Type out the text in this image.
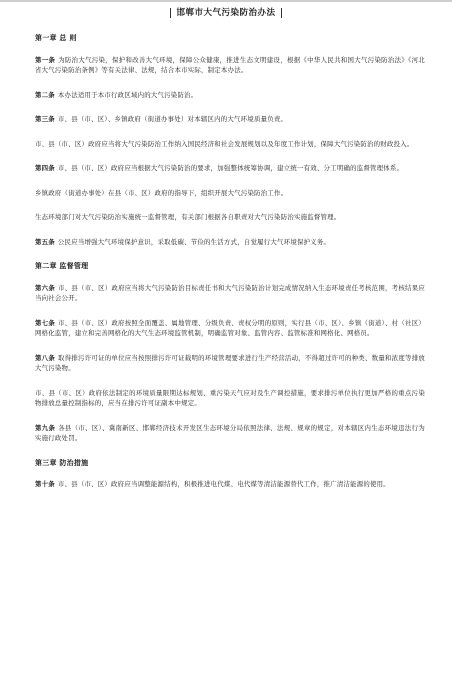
邯郸市大气污染防治办法
第一章 总 则
第一条 为防治大气污染，保护和改善大气环境，保障公众健康，推进生态文明建设，根据《中华人民共和国大气污染防治法》《河北省大气污染防治条例》等有关法律、法规，结合本市实际，制定本办法。
第二条 本办法适用于本市行政区域内的大气污染防治。
第三条 市、县（市、区）、乡镇政府（街道办事处）对本辖区内的大气环境质量负责。
市、县（市、区）政府应当将大气污染防治工作纳入国民经济和社会发展规划以及年度工作计划，保障大气污染防治的财政投入。
第四条 市、县（市、区）政府应当根据大气污染防治的要求，加强整体统筹协调，建立统一有效、分工明确的监督管理体系。
乡镇政府（街道办事处）在县（市、区）政府的指导下，组织开展大气污染防治工作。
生态环境部门对大气污染防治实施统一监督管理，有关部门根据各自职责对大气污染防治实施监督管理。
第五条 公民应当增强大气环境保护意识，采取低碳、节俭的生活方式，自觉履行大气环境保护义务。
第二章 监督管理
第六条 市、县（市、区）政府应当将大气污染防治目标责任书和大气污染防治计划完成情况纳入生态环境责任考核范围，考核结果应当向社会公开。
第七条 市、县（市、区）政府按照全面覆盖、属地管理、分级负责、责权分明的原则，实行县（市、区）、乡镇（街道）、村（社区）网格化监管，建立和完善网格化的大气生态环境监管机制，明确监管对象、监管内容、监管标准和网格化、网格员。
第八条 取得排污许可证的单位应当按照排污许可证载明的环境管理要求进行生产经营活动，不得超过许可的种类、数量和浓度等排放大气污染物。
市、县（市、区）政府依法制定的环境质量限期达标规划、重污染天气应对及生产调控措施，要求排污单位执行更加严格的重点污染物排放总量控制指标的，应当在排污许可证副本中规定。
第九条 各县（市、区）、冀南新区、邯郸经济技术开发区生态环境分局依照法律、法规、规章的规定，对本辖区内生态环境违法行为实施行政处罚。
第三章 防治措施
第十条 市、县（市、区）政府应当调整能源结构，积极推进电代煤、电代煤等清洁能源替代工作，推广清洁能源的使用。
